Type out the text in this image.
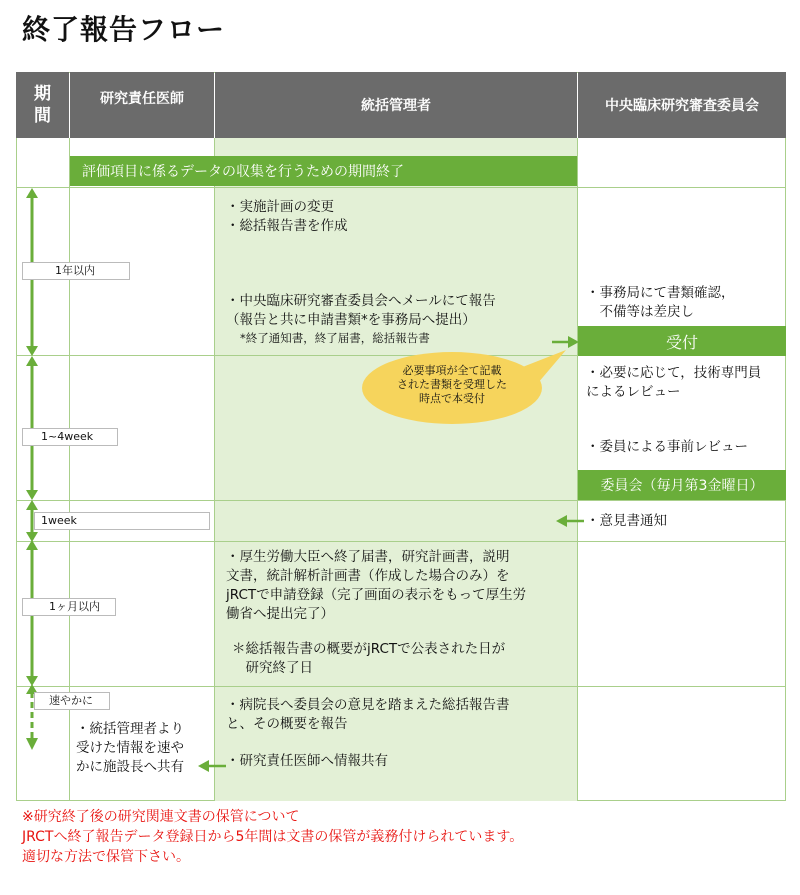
終了報告フロー
期
間
研究責任医師	統括管理者	中央臨床研究審査委員会
評価項目に係るデータの収集を行うための期間終了
1年以内
1~4week
1week
1ヶ月以内
速やかに
・実施計画の変更
・総括報告書を作成
・中央臨床研究審査委員会へメールにて報告
（報告と共に申請書類*を事務局へ提出）
*終了通知書，終了届書，総括報告書
・厚生労働大臣へ終了届書，研究計画書，説明
文書，統計解析計画書（作成した場合のみ）を
jRCTで申請登録（完了画面の表示をもって厚生労
働省へ提出完了）
＊総括報告書の概要がjRCTで公表された日が
　研究終了日
・病院長へ委員会の意見を踏まえた総括報告書
と、その概要を報告
・研究責任医師へ情報共有
必要事項が全て記載
された書類を受理した
時点で本受付
・事務局にて書類確認，
　不備等は差戻し
受付
・必要に応じて，技術専門員
によるレビュー
・委員による事前レビュー
委員会（毎月第3金曜日）
・意見書通知
・統括管理者より
受けた情報を速や
かに施設長へ共有
※研究終了後の研究関連文書の保管について
JRCTへ終了報告データ登録日から5年間は文書の保管が義務付けられています。
適切な方法で保管下さい。
